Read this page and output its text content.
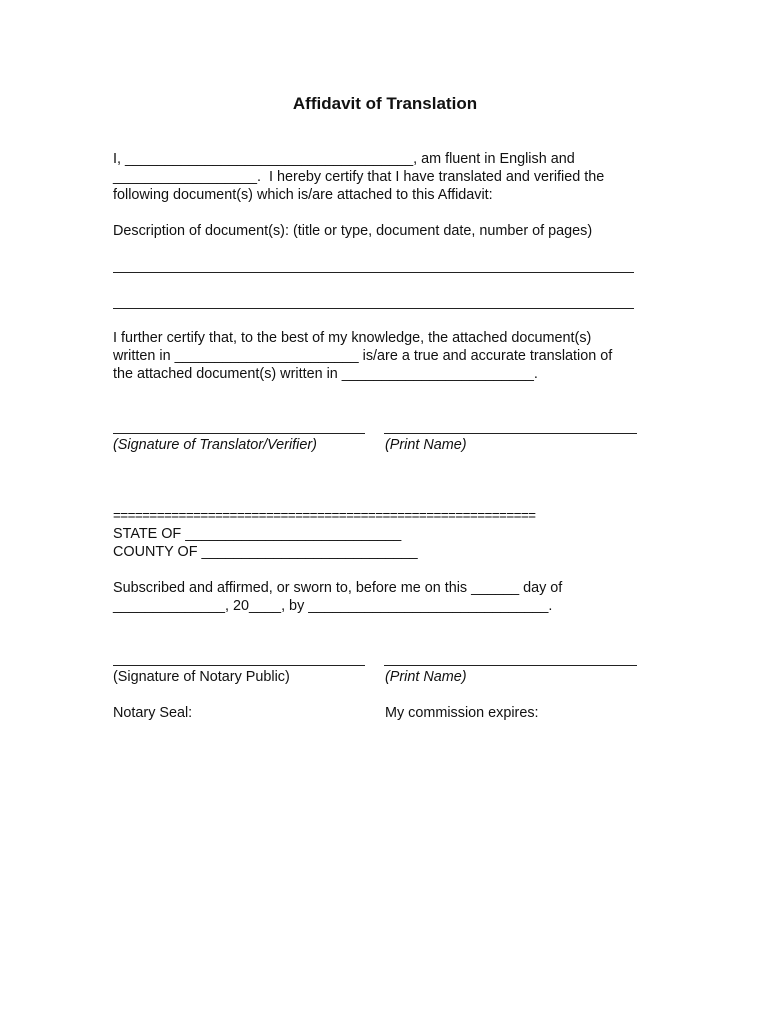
Affidavit of Translation
I, ____________________________________, am fluent in English and
__________________.  I hereby certify that I have translated and verified the
following document(s) which is/are attached to this Affidavit:
Description of document(s): (title or type, document date, number of pages)
I further certify that, to the best of my knowledge, the attached document(s)
written in _______________________ is/are a true and accurate translation of
the attached document(s) written in ________________________.
(Signature of Translator/Verifier)	(Print Name)
==========================================================
STATE OF ___________________________
COUNTY OF ___________________________
Subscribed and affirmed, or sworn to, before me on this ______ day of
______________, 20____, by ______________________________.
(Signature of Notary Public)	(Print Name)
Notary Seal:	My commission expires:
